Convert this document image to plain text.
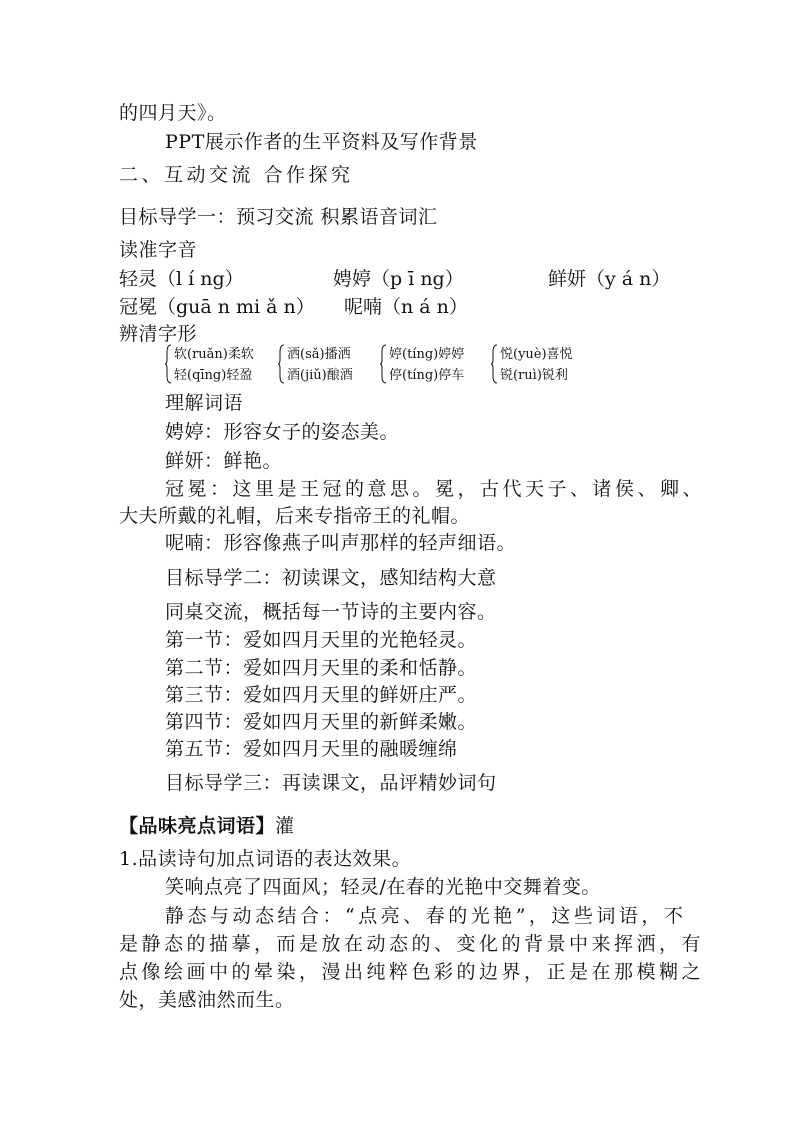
的四月天》。
PPT展示作者的生平资料及写作背景
二、互动交流 合作探究
目标导学一：预习交流 积累语音词汇
读准字音
轻灵（l í ng）	娉婷（p ī ng）	鲜妍（y á n）
冠冕（guā n mi ǎ n） 呢喃（n á n）
辨清字形
软(ruǎn)柔软
轻(qīng)轻盈
洒(sǎ)播洒
酒(jiǔ)酿酒
婷(tíng)婷婷
停(tíng)停车
悦(yuè)喜悦
锐(ruì)锐利
理解词语
娉婷：形容女子的姿态美。
鲜妍：鲜艳。
冠冕：这里是王冠的意思。冕，古代天子、诸侯、卿、
大夫所戴的礼帽，后来专指帝王的礼帽。
呢喃：形容像燕子叫声那样的轻声细语。
目标导学二：初读课文，感知结构大意
同桌交流，概括每一节诗的主要内容。
第一节：爱如四月天里的光艳轻灵。
第二节：爱如四月天里的柔和恬静。
第三节：爱如四月天里的鲜妍庄严。
第四节：爱如四月天里的新鲜柔嫩。
第五节：爱如四月天里的融暖缠绵
目标导学三：再读课文，品评精妙词句
【品味亮点词语】灌
1.品读诗句加点词语的表达效果。
笑响点亮了四面风；轻灵/在春的光艳中交舞着变。
静态与动态结合：“点亮、春的光艳”，这些词语，不
是静态的描摹，而是放在动态的、变化的背景中来挥洒，有
点像绘画中的晕染，漫出纯粹色彩的边界，正是在那模糊之
处，美感油然而生。
